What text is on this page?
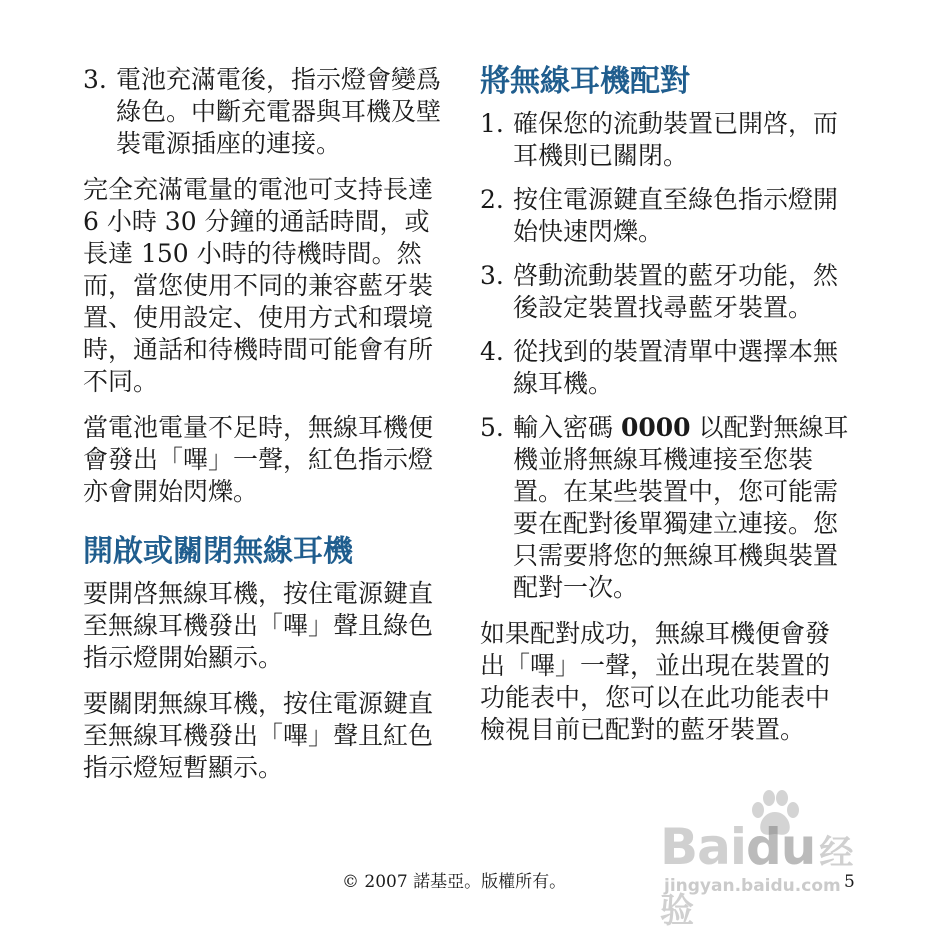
3. 電池充滿電後，指示燈會變爲綠色。中斷充電器與耳機及壁裝電源插座的連接。

完全充滿電量的電池可支持長達 6 小時 30 分鐘的通話時間，或長達 150 小時的待機時間。然而，當您使用不同的兼容藍牙裝置、使用設定、使用方式和環境時，通話和待機時間可能會有所不同。

當電池電量不足時，無線耳機便會發出「嗶」一聲，紅色指示燈亦會開始閃爍。

開啟或關閉無線耳機

要開啓無線耳機，按住電源鍵直至無線耳機發出「嗶」聲且綠色指示燈開始顯示。

要關閉無線耳機，按住電源鍵直至無線耳機發出「嗶」聲且紅色指示燈短暫顯示。

將無線耳機配對
1. 確保您的流動裝置已開啓，而耳機則已關閉。
2. 按住電源鍵直至綠色指示燈開始快速閃爍。
3. 啓動流動裝置的藍牙功能，然後設定裝置找尋藍牙裝置。
4. 從找到的裝置清單中選擇本無線耳機。
5. 輸入密碼 0000 以配對無線耳機並將無線耳機連接至您裝置。在某些裝置中，您可能需要在配對後單獨建立連接。您只需要將您的無線耳機與裝置配對一次。

如果配對成功，無線耳機便會發出「嗶」一聲，並出現在裝置的功能表中，您可以在此功能表中檢視目前已配對的藍牙裝置。

Baidu 经验
jingyan.baidu.com
© 2007 諾基亞。版權所有。	5
